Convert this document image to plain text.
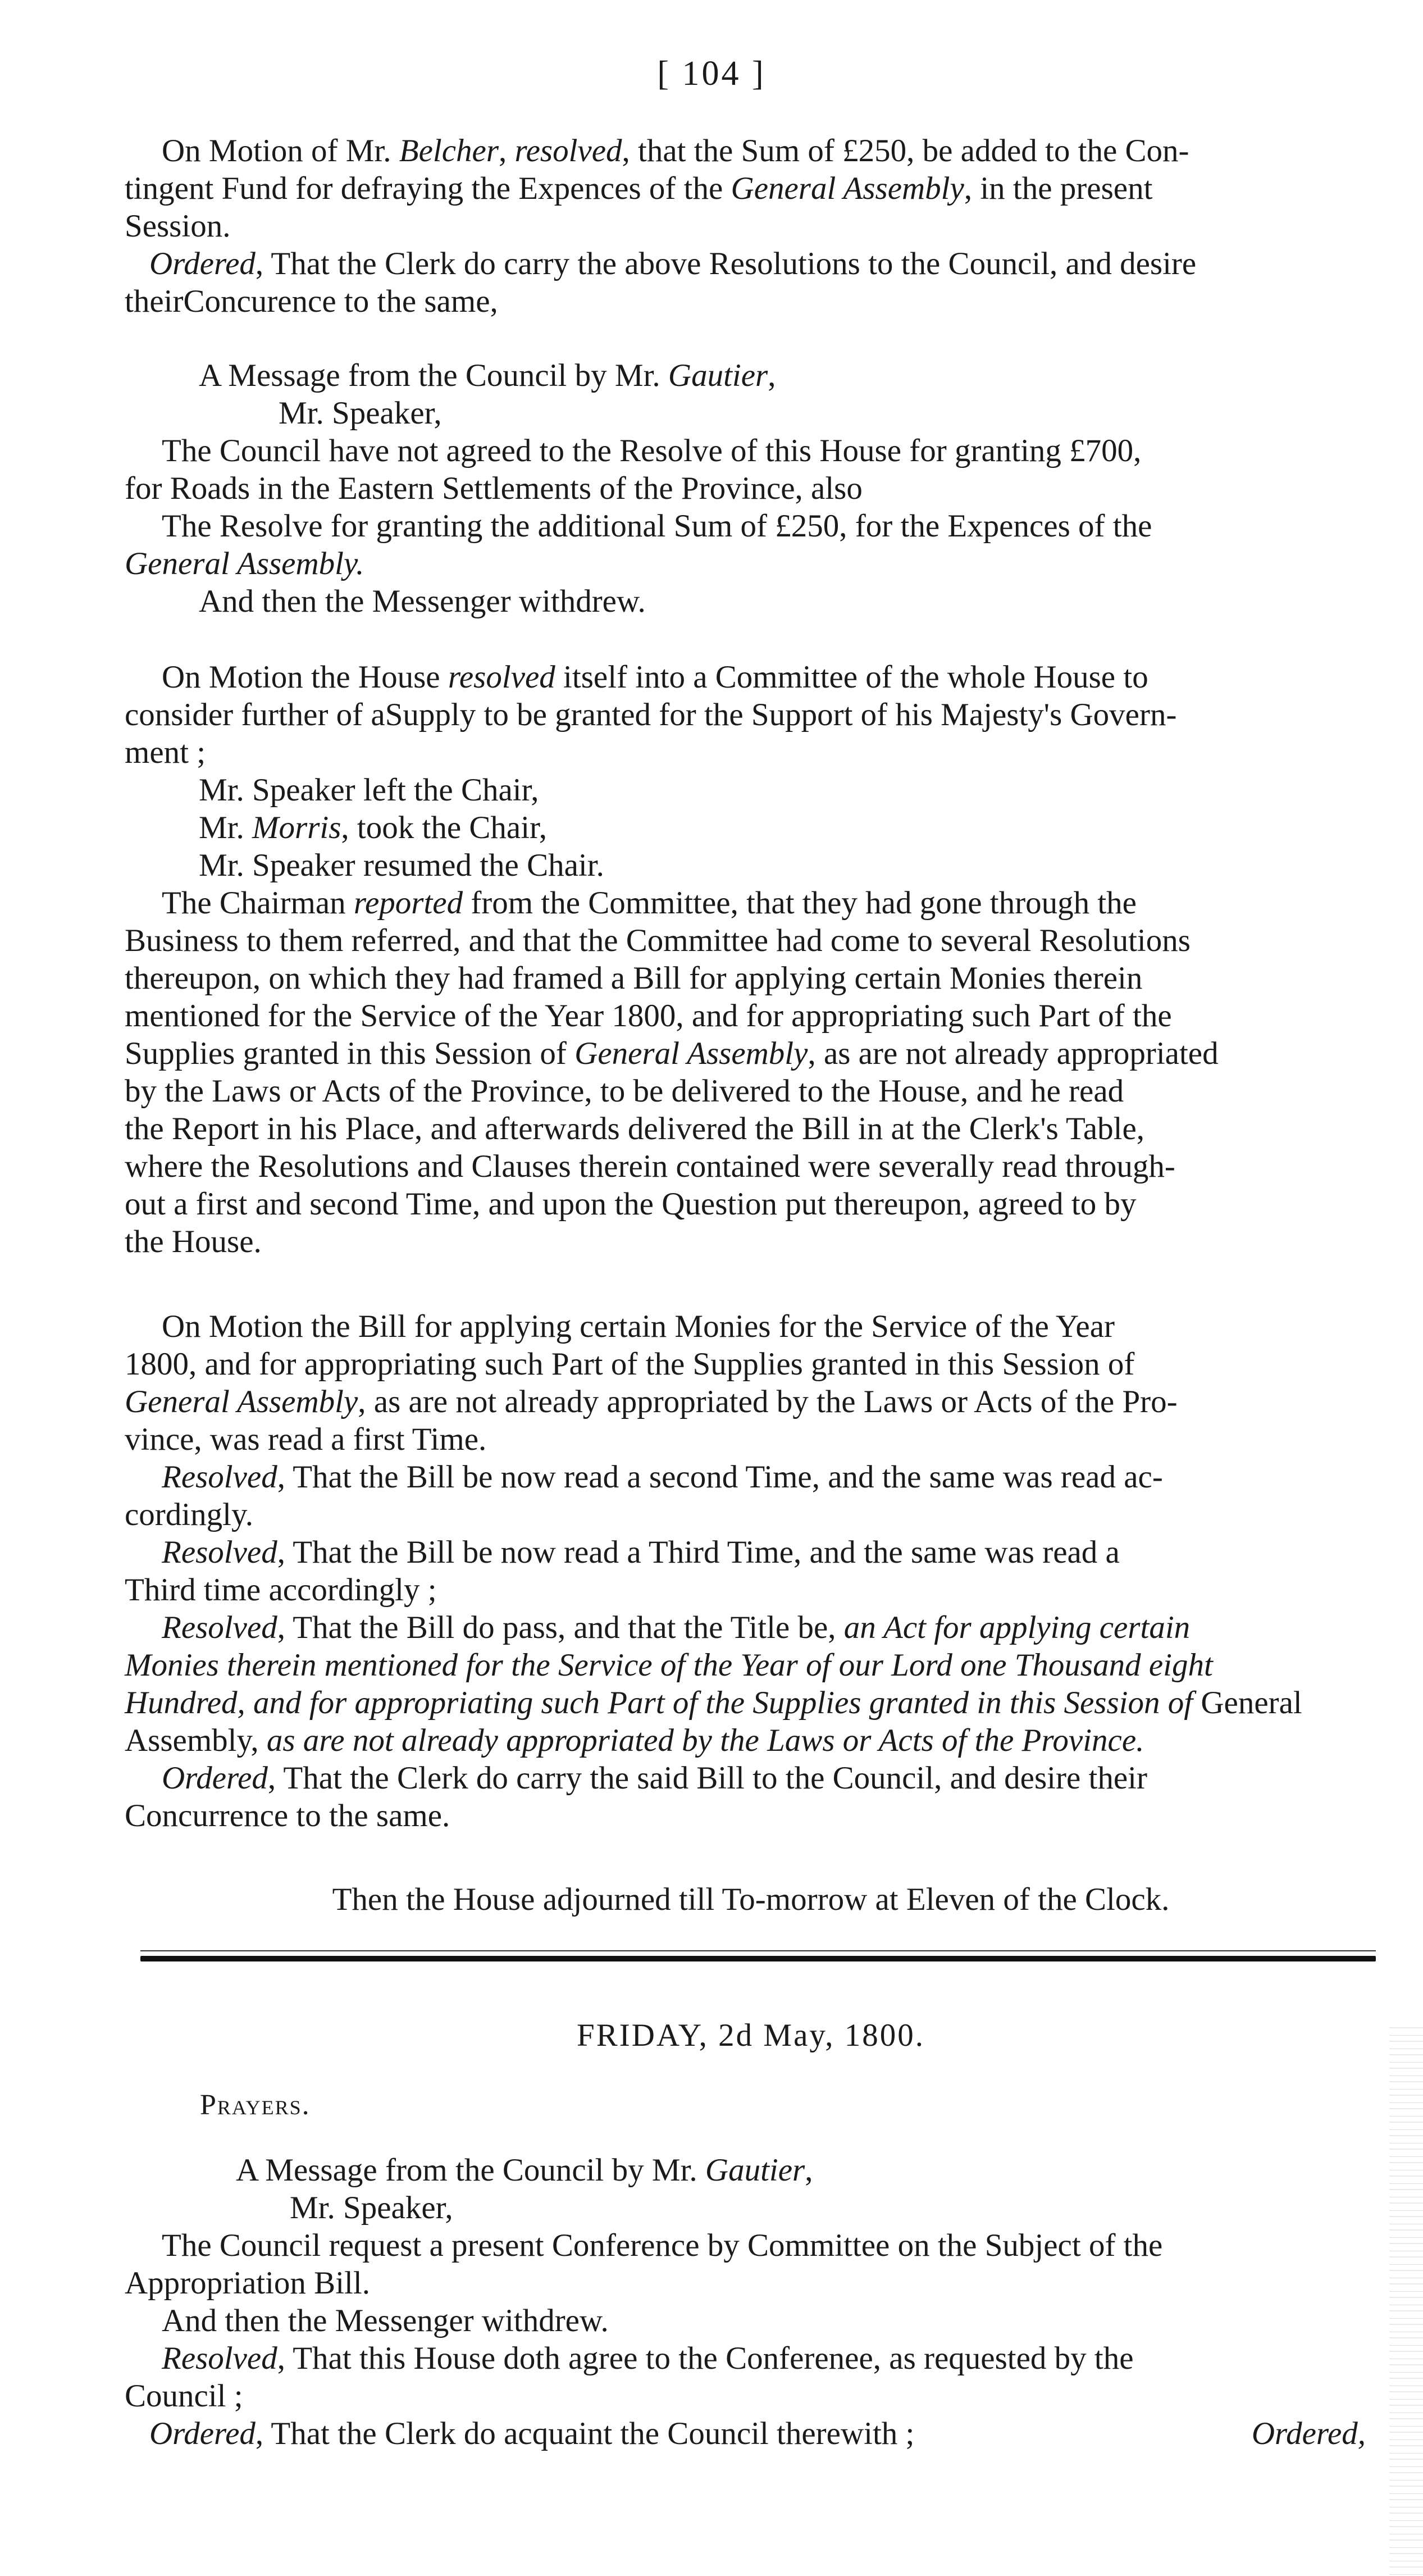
[ 104 ]
On Motion of Mr. Belcher, resolved, that the Sum of £250, be added to the Con-
tingent Fund for defraying the Expences of the General Assembly, in the present
Session.
Ordered, That the Clerk do carry the above Resolutions to the Council, and desire
theirConcurence to the same,
A Message from the Council by Mr. Gautier,
Mr. Speaker,
The Council have not agreed to the Resolve of this House for granting £700,
for Roads in the Eastern Settlements of the Province, also
The Resolve for granting the additional Sum of £250, for the Expences of the
General Assembly.
And then the Messenger withdrew.
On Motion the House resolved itself into a Committee of the whole House to
consider further of aSupply to be granted for the Support of his Majesty's Govern-
ment ;
Mr. Speaker left the Chair,
Mr. Morris, took the Chair,
Mr. Speaker resumed the Chair.
The Chairman reported from the Committee, that they had gone through the
Business to them referred, and that the Committee had come to several Resolutions
thereupon, on which they had framed a Bill for applying certain Monies therein
mentioned for the Service of the Year 1800, and for appropriating such Part of the
Supplies granted in this Session of General Assembly, as are not already appropriated
by the Laws or Acts of the Province, to be delivered to the House, and he read
the Report in his Place, and afterwards delivered the Bill in at the Clerk's Table,
where the Resolutions and Clauses therein contained were severally read through-
out a first and second Time, and upon the Question put thereupon, agreed to by
the House.
On Motion the Bill for applying certain Monies for the Service of the Year
1800, and for appropriating such Part of the Supplies granted in this Session of
General Assembly, as are not already appropriated by the Laws or Acts of the Pro-
vince, was read a first Time.
Resolved, That the Bill be now read a second Time, and the same was read ac-
cordingly.
Resolved, That the Bill be now read a Third Time, and the same was read a
Third time accordingly ;
Resolved, That the Bill do pass, and that the Title be, an Act for applying certain
Monies therein mentioned for the Service of the Year of our Lord one Thousand eight
Hundred, and for appropriating such Part of the Supplies granted in this Session of General
Assembly, as are not already appropriated by the Laws or Acts of the Province.
Ordered, That the Clerk do carry the said Bill to the Council, and desire their
Concurrence to the same.
Then the House adjourned till To-morrow at Eleven of the Clock.
FRIDAY, 2d May, 1800.
Prayers.
A Message from the Council by Mr. Gautier,
Mr. Speaker,
The Council request a present Conference by Committee on the Subject of the
Appropriation Bill.
And then the Messenger withdrew.
Resolved, That this House doth agree to the Conferenee, as requested by the
Council ;
Ordered, That the Clerk do acquaint the Council therewith ;	Ordered,
